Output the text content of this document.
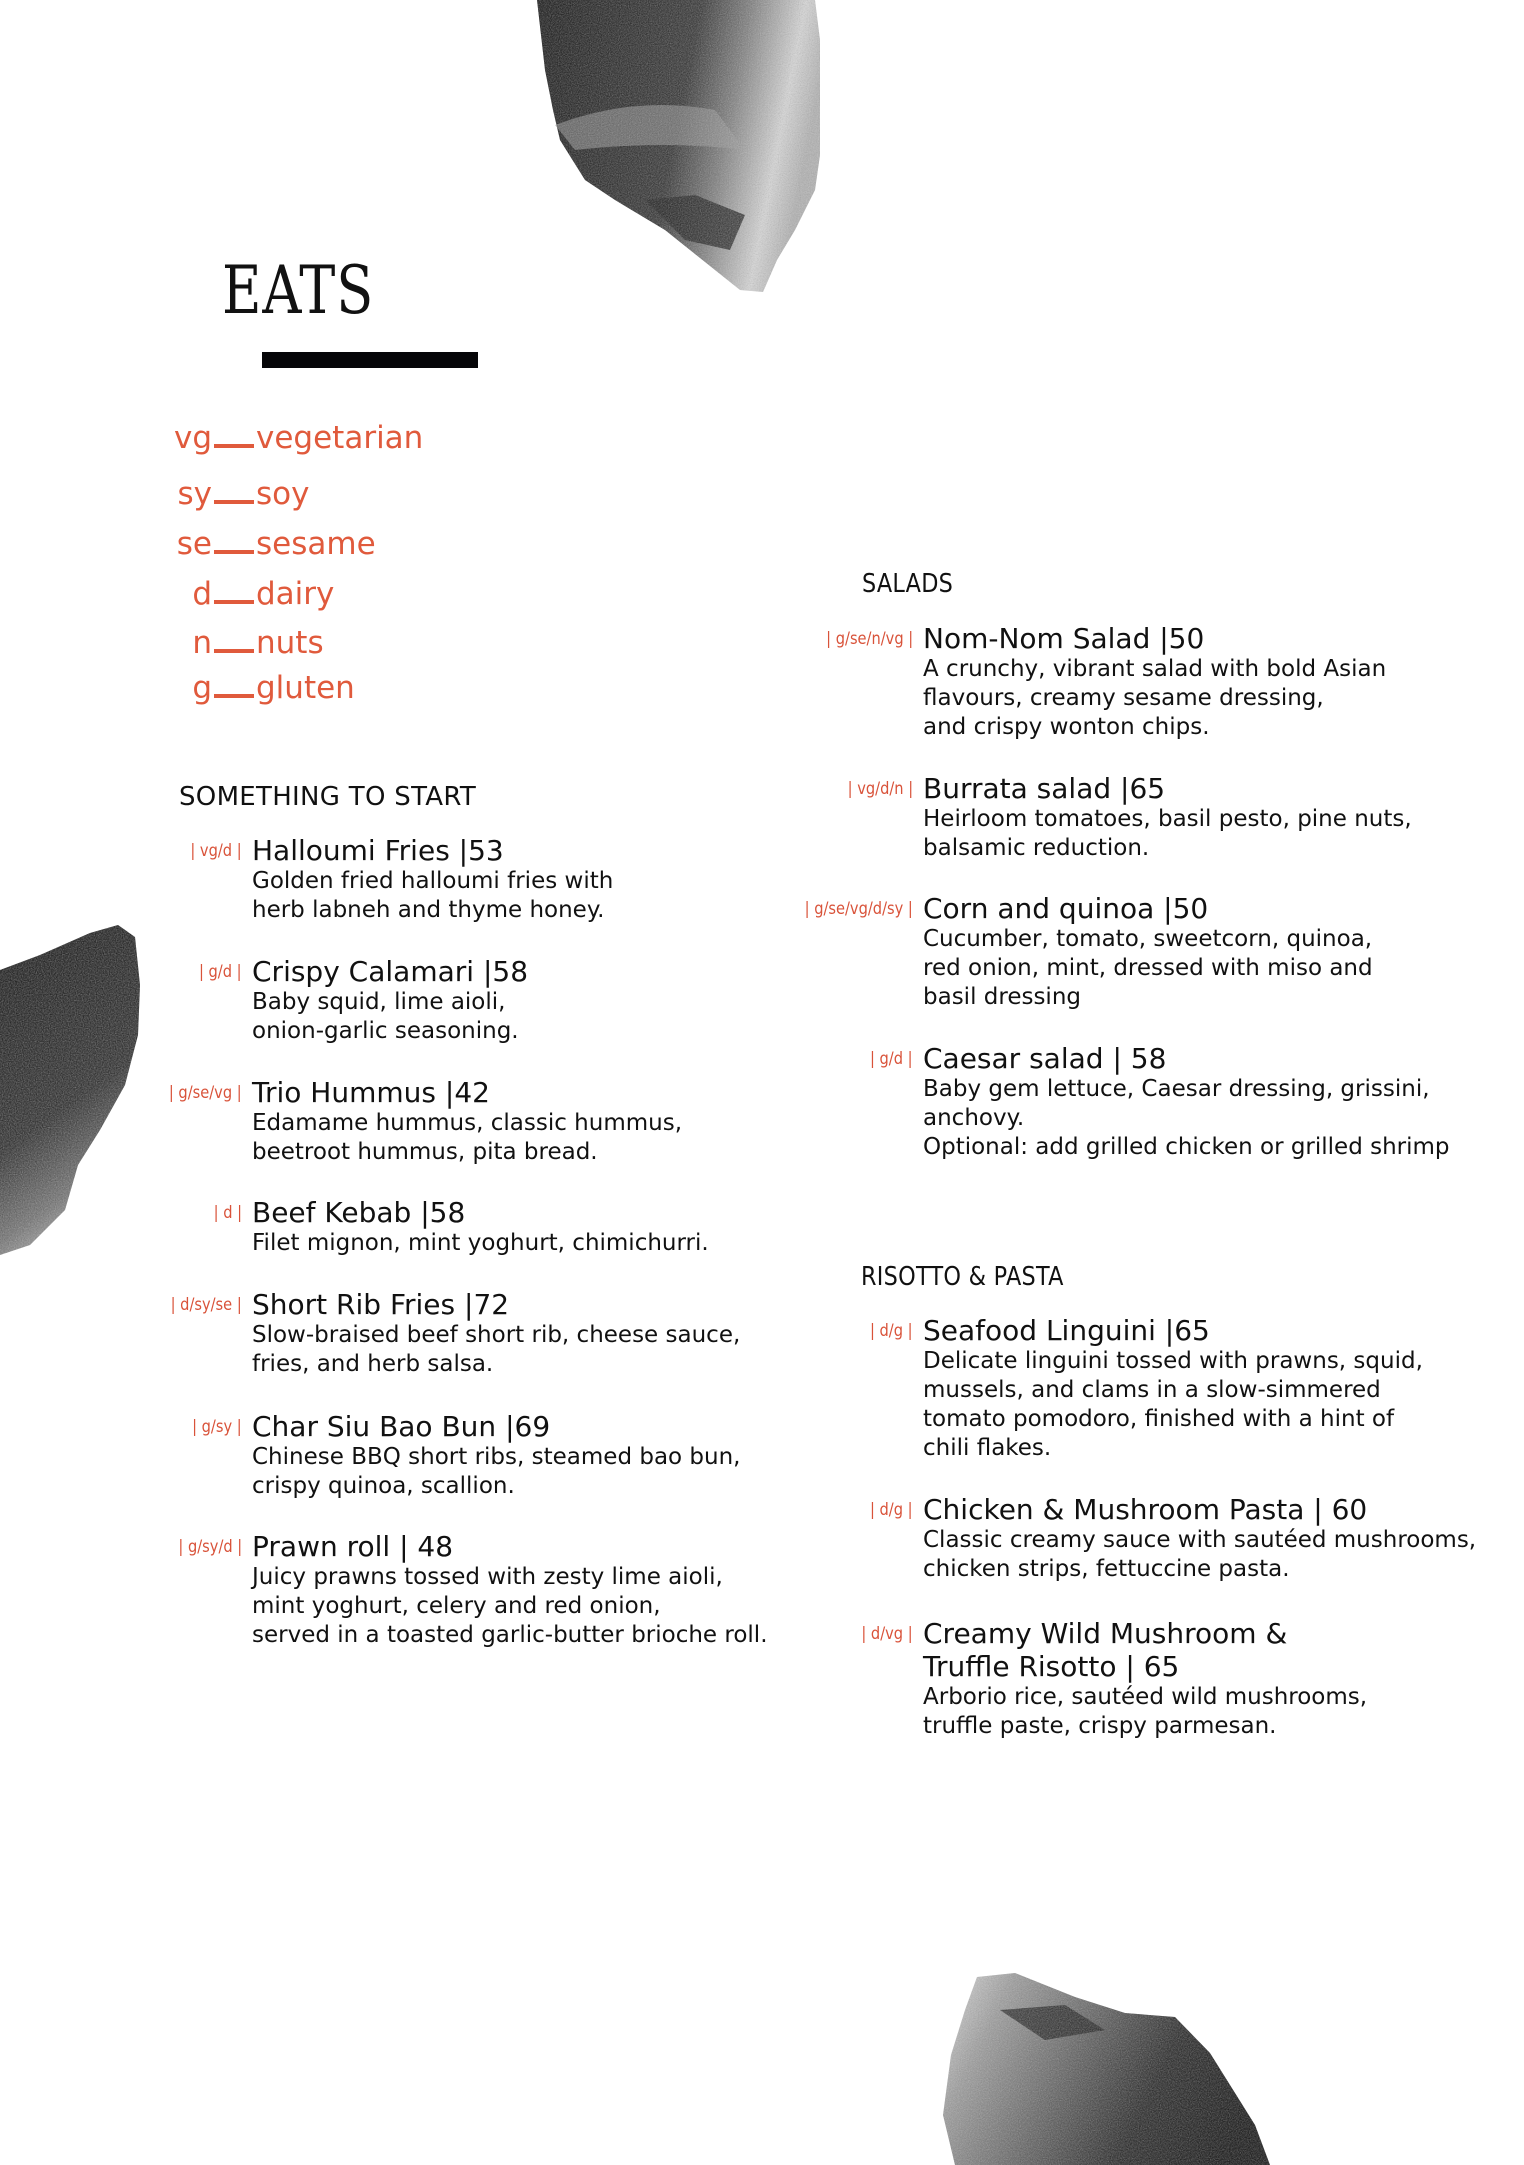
EATS
vg vegetarian
sy soy
se sesame
d dairy
n nuts
g gluten
SOMETHING TO START
| vg/d | Halloumi Fries |53
Golden fried halloumi fries with
herb labneh and thyme honey.
| g/d | Crispy Calamari |58
Baby squid, lime aioli,
onion-garlic seasoning.
| g/se/vg | Trio Hummus |42
Edamame hummus, classic hummus,
beetroot hummus, pita bread.
| d | Beef Kebab |58
Filet mignon, mint yoghurt, chimichurri.
| d/sy/se | Short Rib Fries |72
Slow-braised beef short rib, cheese sauce,
fries, and herb salsa.
| g/sy | Char Siu Bao Bun |69
Chinese BBQ short ribs, steamed bao bun,
crispy quinoa, scallion.
| g/sy/d | Prawn roll | 48
Juicy prawns tossed with zesty lime aioli,
mint yoghurt, celery and red onion,
served in a toasted garlic-butter brioche roll.
SALADS
| g/se/n/vg | Nom-Nom Salad |50
A crunchy, vibrant salad with bold Asian
flavours, creamy sesame dressing,
and crispy wonton chips.
| vg/d/n | Burrata salad |65
Heirloom tomatoes, basil pesto, pine nuts,
balsamic reduction.
| g/se/vg/d/sy | Corn and quinoa |50
Cucumber, tomato, sweetcorn, quinoa,
red onion, mint, dressed with miso and
basil dressing
| g/d | Caesar salad | 58
Baby gem lettuce, Caesar dressing, grissini,
anchovy.
Optional: add grilled chicken or grilled shrimp
RISOTTO & PASTA
| d/g | Seafood Linguini |65
Delicate linguini tossed with prawns, squid,
mussels, and clams in a slow-simmered
tomato pomodoro, finished with a hint of
chili flakes.
| d/g | Chicken & Mushroom Pasta | 60
Classic creamy sauce with sautéed mushrooms,
chicken strips, fettuccine pasta.
| d/vg | Creamy Wild Mushroom &
Truffle Risotto | 65
Arborio rice, sautéed wild mushrooms,
truffle paste, crispy parmesan.
